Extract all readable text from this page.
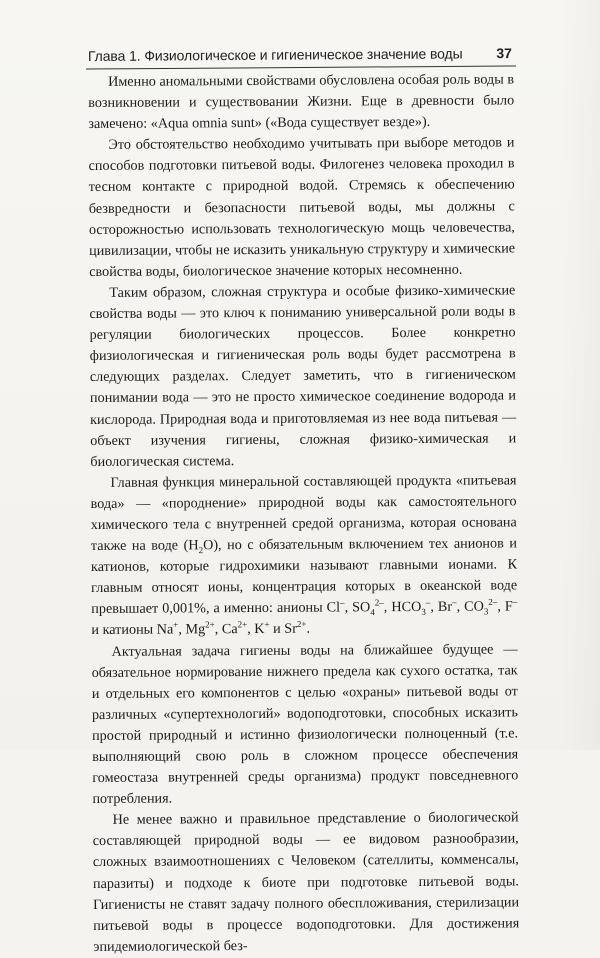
Глава 1. Физиологическое и гигиеническое значение воды 37

Именно аномальными свойствами обусловлена особая роль воды в возникновении и существовании Жизни. Еще в древности было замечено: «Aqua omnia sunt» («Вода существует везде»).

Это обстоятельство необходимо учитывать при выборе методов и способов подготовки питьевой воды. Филогенез человека проходил в тесном контакте с природной водой. Стремясь к обеспечению безвредности и безопасности питьевой воды, мы должны с осторожностью использовать технологическую мощь человечества, цивилизации, чтобы не исказить уникальную структуру и химические свойства воды, биологическое значение которых несомненно.

Таким образом, сложная структура и особые физико-химические свойства воды — это ключ к пониманию универсальной роли воды в регуляции биологических процессов. Более конкретно физиологическая и гигиеническая роль воды будет рассмотрена в следующих разделах. Следует заметить, что в гигиеническом понимании вода — это не просто химическое соединение водорода и кислорода. Природная вода и приготовляемая из нее вода питьевая — объект изучения гигиены, сложная физико-химическая и биологическая система.

Главная функция минеральной составляющей продукта «питьевая вода» — «породнение» природной воды как самостоятельного химического тела с внутренней средой организма, которая основана также на воде $(H_2O)$, но с обязательным включением тех анионов и катионов, которые гидрохимики называют главными ионами. К главным относят ионы, концентрация которых в океанской воде превышает 0,001%, а именно: анионы Cl–, $SO_4^{2-}$, $HCO_3^-$, Br–, $CO_3^{2-}$, F– и катионы Na+, $Mg^{2+}$, $Ca^{2+}$, K+ и $Sr^{2+}$.

Актуальная задача гигиены воды на ближайшее будущее — обязательное нормирование нижнего предела как сухого остатка, так и отдельных его компонентов с целью «охраны» питьевой воды от различных «супертехнологий» водоподготовки, способных исказить простой природный и истинно физиологически полноценный (т.е. выполняющий свою роль в сложном процессе обеспечения гомеостаза внутренней среды организма) продукт повседневного потребления.

Не менее важно и правильное представление о биологической составляющей природной воды — ее видовом разнообразии, сложных взаимоотношениях с Человеком (сателлиты, комменсалы, паразиты) и подходе к биоте при подготовке питьевой воды. Гигиенисты не ставят задачу полного обеспложивания, стерилизации питьевой воды в процессе водоподготовки. Для достижения эпидемиологической без-
